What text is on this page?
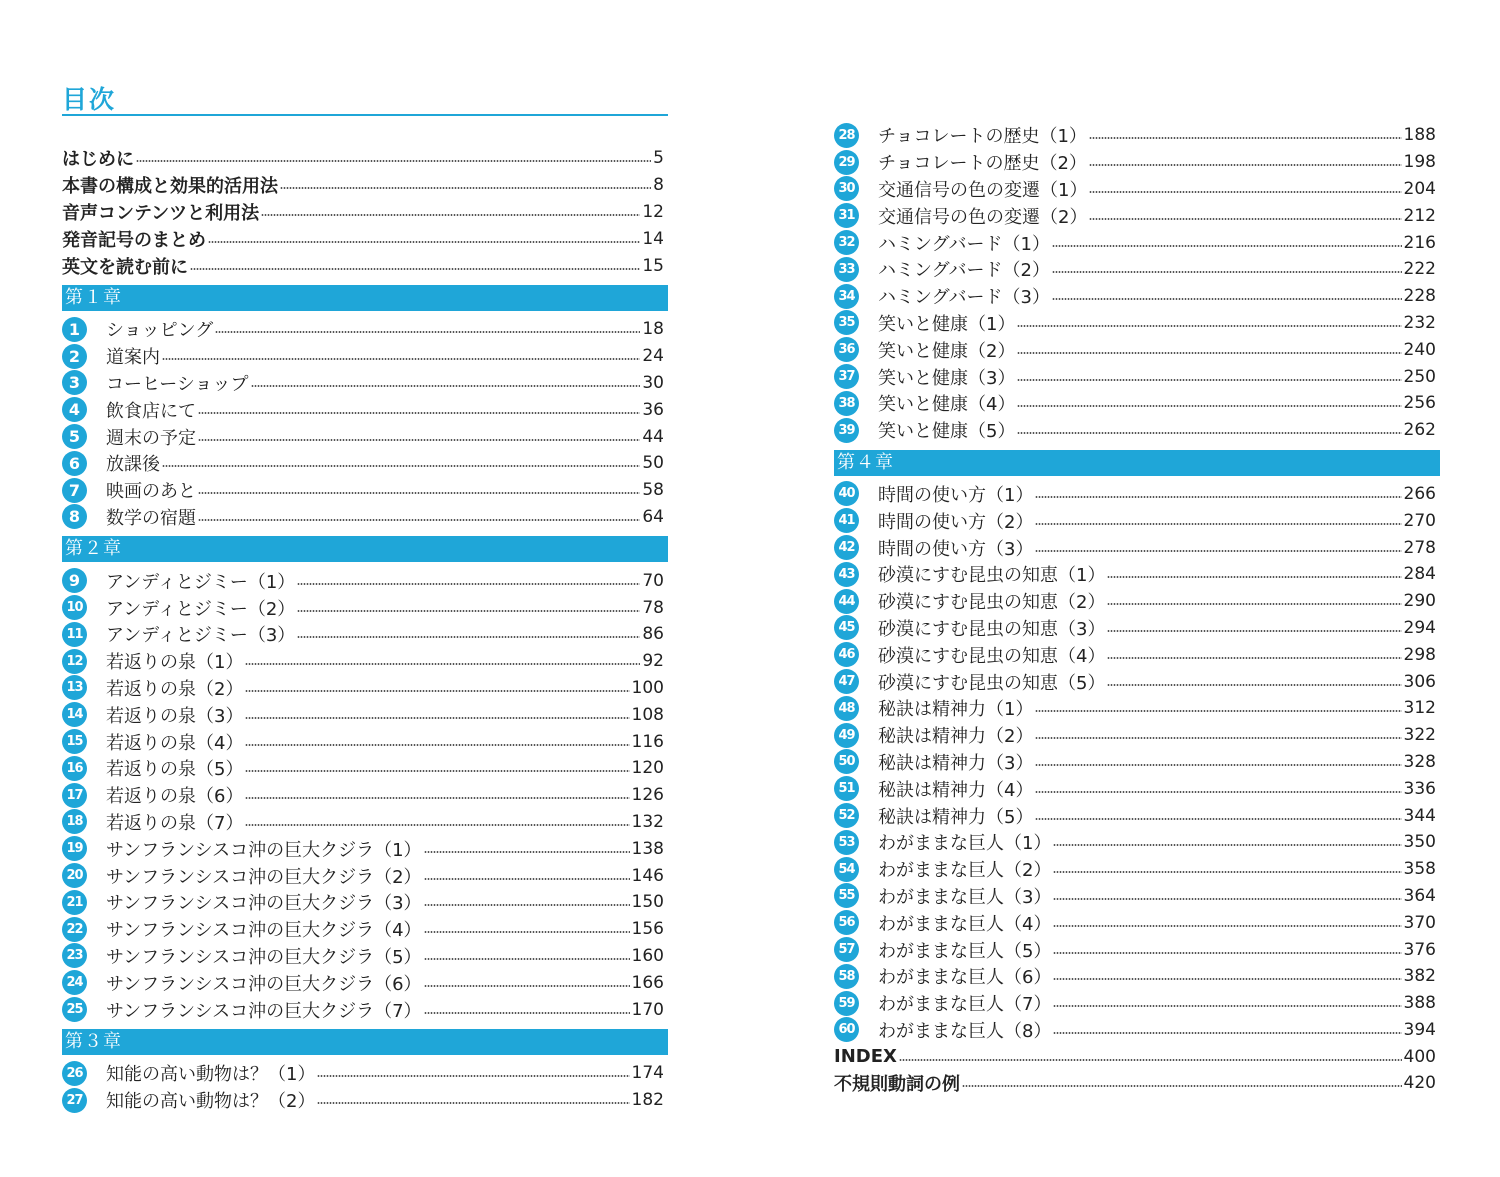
目次
はじめに	5
本書の構成と効果的活用法	8
音声コンテンツと利用法	12
発音記号のまとめ	14
英文を読む前に	15
第１章
1	ショッピング	18
2	道案内	24
3	コーヒーショップ	30
4	飲食店にて	36
5	週末の予定	44
6	放課後	50
7	映画のあと	58
8	数学の宿題	64
第２章
9	アンディとジミー（1）	70
10 アンディとジミー（2）	78
11 アンディとジミー（3）	86
12 若返りの泉（1）	92
13 若返りの泉（2）	100
14 若返りの泉（3）	108
15 若返りの泉（4）	116
16 若返りの泉（5）	120
17 若返りの泉（6）	126
18 若返りの泉（7）	132
19 サンフランシスコ沖の巨大クジラ（1）	138
20 サンフランシスコ沖の巨大クジラ（2）	146
21 サンフランシスコ沖の巨大クジラ（3）	150
22 サンフランシスコ沖の巨大クジラ（4）	156
23 サンフランシスコ沖の巨大クジラ（5）	160
24 サンフランシスコ沖の巨大クジラ（6）	166
25 サンフランシスコ沖の巨大クジラ（7）	170
第３章
26 知能の高い動物は？（1）	174
27 知能の高い動物は？（2）	182
28 チョコレートの歴史（1）	188
29 チョコレートの歴史（2）	198
30 交通信号の色の変遷（1）	204
31 交通信号の色の変遷（2）	212
32 ハミングバード（1）	216
33 ハミングバード（2）	222
34 ハミングバード（3）	228
35 笑いと健康（1）	232
36 笑いと健康（2）	240
37 笑いと健康（3）	250
38 笑いと健康（4）	256
39 笑いと健康（5）	262
第４章
40 時間の使い方（1）	266
41 時間の使い方（2）	270
42 時間の使い方（3）	278
43 砂漠にすむ昆虫の知恵（1）	284
44 砂漠にすむ昆虫の知恵（2）	290
45 砂漠にすむ昆虫の知恵（3）	294
46 砂漠にすむ昆虫の知恵（4）	298
47 砂漠にすむ昆虫の知恵（5）	306
48 秘訣は精神力（1）	312
49 秘訣は精神力（2）	322
50 秘訣は精神力（3）	328
51 秘訣は精神力（4）	336
52 秘訣は精神力（5）	344
53 わがままな巨人（1）	350
54 わがままな巨人（2）	358
55 わがままな巨人（3）	364
56 わがままな巨人（4）	370
57 わがままな巨人（5）	376
58 わがままな巨人（6）	382
59 わがままな巨人（7）	388
60 わがままな巨人（8）	394
INDEX	400
不規則動詞の例	420
